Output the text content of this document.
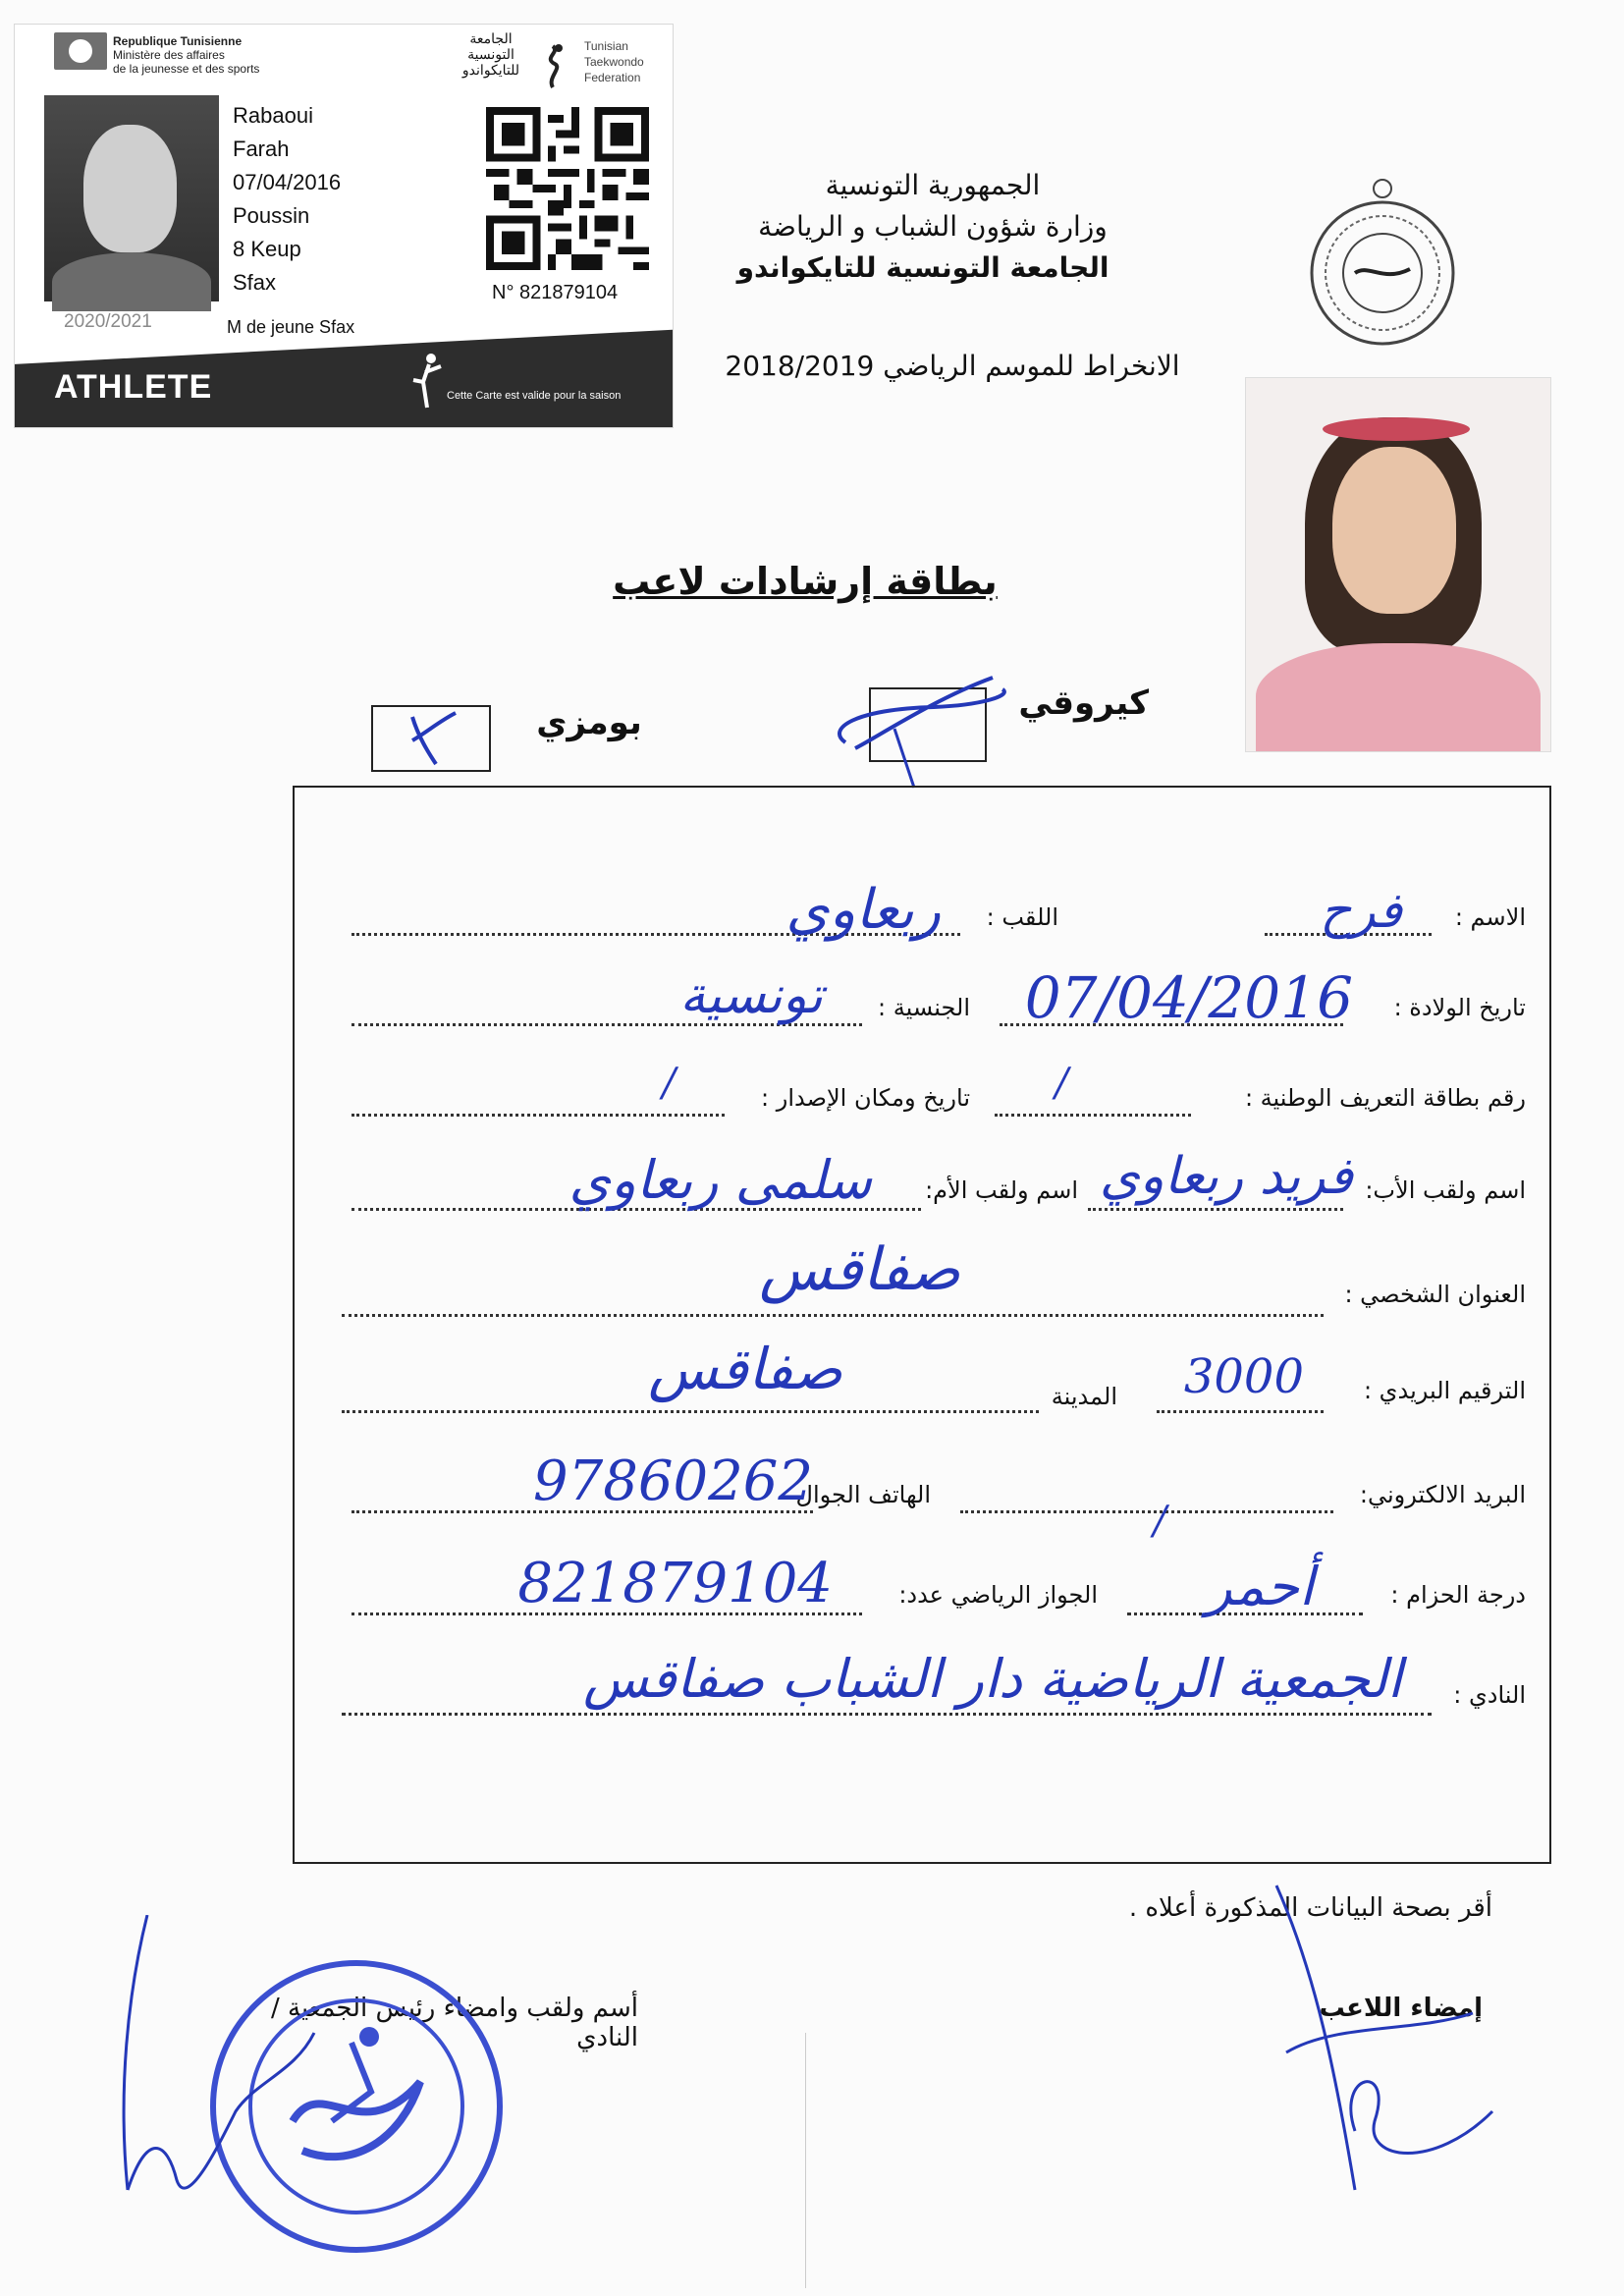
Republique Tunisienne
Ministère des affaires
de la jeunesse et des sports
الجامعة
التونسية
للتايكواندو
Tunisian
Taekwondo
Federation
2020/2021
Rabaoui
Farah
07/04/2016
Poussin
8 Keup
Sfax
M de jeune Sfax
N° 821879104
ATHLETE	Cette Carte est valide pour la saison
الجمهورية التونسية
وزارة شؤون الشباب و الرياضة
الجامعة التونسية للتايكواندو
الانخراط للموسم الرياضي 2018/2019
بطاقة إرشادات لاعب
بومزي	كيروقي
الاسم :
فرح
اللقب :
ربعاوي
تاريخ الولادة :
07/04/2016
الجنسية :
تونسية
رقم بطاقة التعريف الوطنية :
/
تاريخ ومكان الإصدار :
/
اسم ولقب الأب:
فريد ربعاوي
اسم ولقب الأم:
سلمى ربعاوي
العنوان الشخصي :
صفاقس
الترقيم البريدي :
3000
المدينة
صفاقس
البريد الالكتروني:
/
الهاتف الجوال
97860262
درجة الحزام :
أحمر
الجواز الرياضي عدد:
821879104
النادي :
الجمعية الرياضية دار الشباب صفاقس
أقر بصحة البيانات المذكورة أعلاه .
إمضاء اللاعب
أسم ولقب وامضاء رئيس الجمعية / النادي
